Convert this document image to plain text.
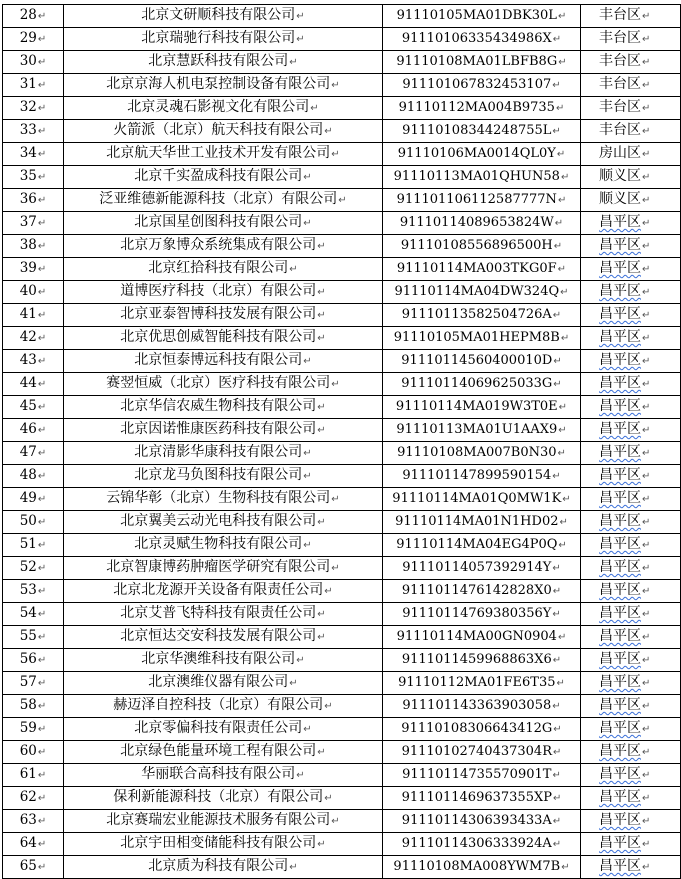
28↵	北京文研顺科技有限公司↵	91110105MA01DBK30L↵	丰台区↵
29↵	北京瑞驰行科技有限公司↵	91110106335434986X↵	丰台区↵
30↵	北京慧跃科技有限公司↵	91110108MA01LBFB8G↵	丰台区↵
31↵	北京京海人机电泵控制设备有限公司↵	911101067832453107↵	丰台区↵
32↵	北京灵魂石影视文化有限公司↵	91110112MA004B9735↵	丰台区↵
33↵	火箭派（北京）航天科技有限公司↵	91110108344248755L↵	丰台区↵
34↵	北京航天华世工业技术开发有限公司↵	91110106MA0014QL0Y↵	房山区↵
35↵	北京千实盈成科技有限公司↵	91110113MA01QHUN58↵	顺义区↵
36↵	泛亚维德新能源科技（北京）有限公司↵	911101106112587777N↵	顺义区↵
37↵	北京国星创图科技有限公司↵	91110114089653824W↵	昌平区↵
38↵	北京万象博众系统集成有限公司↵	91110108556896500H↵	昌平区↵
39↵	北京红拾科技有限公司↵	91110114MA003TKG0F↵	昌平区↵
40↵	道博医疗科技（北京）有限公司↵	91110114MA04DW324Q↵	昌平区↵
41↵	北京亚泰智博科技发展有限公司↵	91110113582504726A↵	昌平区↵
42↵	北京优思创威智能科技有限公司↵	91110105MA01HEPM8B↵	昌平区↵
43↵	北京恒泰博远科技有限公司↵	91110114560400010D↵	昌平区↵
44↵	赛翌恒威（北京）医疗科技有限公司↵	91110114069625033G↵	昌平区↵
45↵	北京华信农威生物科技有限公司↵	91110114MA019W3T0E↵	昌平区↵
46↵	北京因诺惟康医药科技有限公司↵	91110113MA01U1AAX9↵	昌平区↵
47↵	北京清影华康科技有限公司↵	91110108MA007B0N30↵	昌平区↵
48↵	北京龙马负图科技有限公司↵	911101147899590154↵	昌平区↵
49↵	云锦华彰（北京）生物科技有限公司↵	91110114MA01Q0MW1K↵	昌平区↵
50↵	北京翼美云动光电科技有限公司↵	91110114MA01N1HD02↵	昌平区↵
51↵	北京灵赋生物科技有限公司↵	91110114MA04EG4P0Q↵	昌平区↵
52↵	北京智康博药肿瘤医学研究有限公司↵	91110114057392914Y↵	昌平区↵
53↵	北京北龙源开关设备有限责任公司↵	9111011476142828X0↵	昌平区↵
54↵	北京艾普飞特科技有限责任公司↵	91110114769380356Y↵	昌平区↵
55↵	北京恒达交安科技发展有限公司↵	91110114MA00GN0904↵	昌平区↵
56↵	北京华澳维科技有限公司↵	9111011459968863X6↵	昌平区↵
57↵	北京澳维仪器有限公司↵	91110112MA01FE6T35↵	昌平区↵
58↵	赫迈泽自控科技（北京）有限公司↵	911101143363903058↵	昌平区↵
59↵	北京零偏科技有限责任公司↵	91110108306643412G↵	昌平区↵
60↵	北京绿色能量环境工程有限公司↵	91110102740437304R↵	昌平区↵
61↵	华丽联合高科技有限公司↵	91110114735570901T↵	昌平区↵
62↵	保利新能源科技（北京）有限公司↵	9111011469637355XP↵	昌平区↵
63↵	北京赛瑞宏业能源技术服务有限公司↵	91110114306393433A↵	昌平区↵
64↵	北京宇田相变储能科技有限公司↵	91110114306333924A↵	昌平区↵
65↵	北京质为科技有限公司↵	91110108MA008YWM7B↵	昌平区↵
